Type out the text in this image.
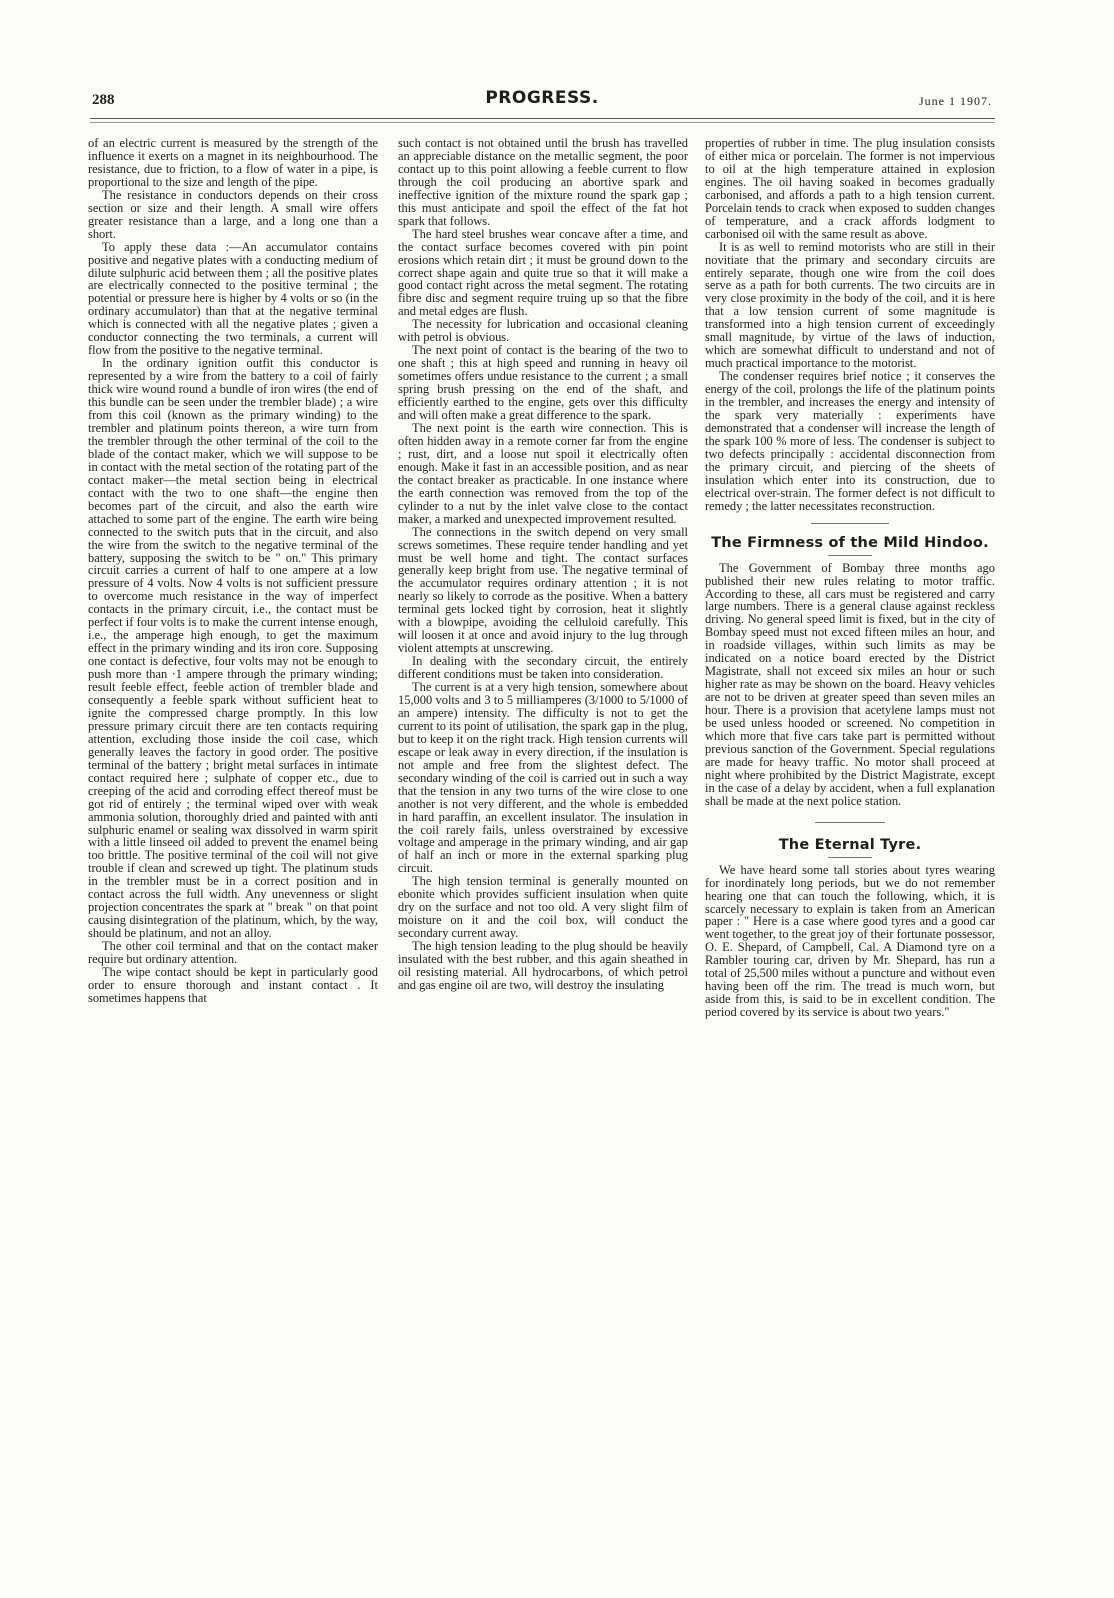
288	PROGRESS.	June 1 1907.

of an electric current is measured by the strength of the influence it exerts on a magnet in its neighbourhood. The resistance, due to friction, to a flow of water in a pipe, is proportional to the size and length of the pipe.

The resistance in conductors depends on their cross section or size and their length. A small wire offers greater resistance than a large, and a long one than a short.

To apply these data :—An accumulator contains positive and negative plates with a conducting medium of dilute sulphuric acid between them ; all the positive plates are electrically connected to the positive terminal ; the potential or pressure here is higher by 4 volts or so (in the ordinary accumulator) than that at the negative terminal which is connected with all the negative plates ; given a conductor connecting the two terminals, a current will flow from the positive to the negative terminal.

In the ordinary ignition outfit this conductor is represented by a wire from the battery to a coil of fairly thick wire wound round a bundle of iron wires (the end of this bundle can be seen under the trembler blade) ; a wire from this coil (known as the primary winding) to the trembler and platinum points thereon, a wire turn from the trembler through the other terminal of the coil to the blade of the contact maker, which we will suppose to be in contact with the metal section of the rotating part of the contact maker—the metal section being in electrical contact with the two to one shaft—the engine then becomes part of the circuit, and also the earth wire attached to some part of the engine. The earth wire being connected to the switch puts that in the circuit, and also the wire from the switch to the negative terminal of the battery, supposing the switch to be " on." This primary circuit carries a current of half to one ampere at a low pressure of 4 volts. Now 4 volts is not sufficient pressure to overcome much resistance in the way of imperfect contacts in the primary circuit, i.e., the contact must be perfect if four volts is to make the current intense enough, i.e., the amperage high enough, to get the maximum effect in the primary winding and its iron core. Supposing one contact is defective, four volts may not be enough to push more than ·1 ampere through the primary winding; result feeble effect, feeble action of trembler blade and consequently a feeble spark without sufficient heat to ignite the compressed charge promptly. In this low pressure primary circuit there are ten contacts requiring attention, excluding those inside the coil case, which generally leaves the factory in good order. The positive terminal of the battery ; bright metal surfaces in intimate contact required here ; sulphate of copper etc., due to creeping of the acid and corroding effect thereof must be got rid of entirely ; the terminal wiped over with weak ammonia solution, thoroughly dried and painted with anti sulphuric enamel or sealing wax dissolved in warm spirit with a little linseed oil added to prevent the enamel being too brittle. The positive terminal of the coil will not give trouble if clean and screwed up tight. The platinum studs in the trembler must be in a correct position and in contact across the full width. Any unevenness or slight projection concentrates the spark at " break " on that point causing disintegration of the platinum, which, by the way, should be platinum, and not an alloy.

The other coil terminal and that on the contact maker require but ordinary attention.

The wipe contact should be kept in particularly good order to ensure thorough and instant contact . It sometimes happens that

such contact is not obtained until the brush has travelled an appreciable distance on the metallic segment, the poor contact up to this point allowing a feeble current to flow through the coil producing an abortive spark and ineffective ignition of the mixture round the spark gap ; this must anticipate and spoil the effect of the fat hot spark that follows.

The hard steel brushes wear concave after a time, and the contact surface becomes covered with pin point erosions which retain dirt ; it must be ground down to the correct shape again and quite true so that it will make a good contact right across the metal segment. The rotating fibre disc and segment require truing up so that the fibre and metal edges are flush.

The necessity for lubrication and occasional cleaning with petrol is obvious.

The next point of contact is the bearing of the two to one shaft ; this at high speed and running in heavy oil sometimes offers undue resistance to the current ; a small spring brush pressing on the end of the shaft, and efficiently earthed to the engine, gets over this difficulty and will often make a great difference to the spark.

The next point is the earth wire connection. This is often hidden away in a remote corner far from the engine ; rust, dirt, and a loose nut spoil it electrically often enough. Make it fast in an accessible position, and as near the contact breaker as practicable. In one instance where the earth connection was removed from the top of the cylinder to a nut by the inlet valve close to the contact maker, a marked and unexpected improvement resulted.

The connections in the switch depend on very small screws sometimes. These require tender handling and yet must be well home and tight. The contact surfaces generally keep bright from use. The negative terminal of the accumulator requires ordinary attention ; it is not nearly so likely to corrode as the positive. When a battery terminal gets locked tight by corrosion, heat it slightly with a blowpipe, avoiding the celluloid carefully. This will loosen it at once and avoid injury to the lug through violent attempts at unscrewing.

In dealing with the secondary circuit, the entirely different conditions must be taken into consideration.

The current is at a very high tension, somewhere about 15,000 volts and 3 to 5 milliamperes (3/1000 to 5/1000 of an ampere) intensity. The difficulty is not to get the current to its point of utilisation, the spark gap in the plug, but to keep it on the right track. High tension currents will escape or leak away in every direction, if the insulation is not ample and free from the slightest defect. The secondary winding of the coil is carried out in such a way that the tension in any two turns of the wire close to one another is not very different, and the whole is embedded in hard paraffin, an excellent insulator. The insulation in the coil rarely fails, unless overstrained by excessive voltage and amperage in the primary winding, and air gap of half an inch or more in the external sparking plug circuit.

The high tension terminal is generally mounted on ebonite which provides sufficient insulation when quite dry on the surface and not too old. A very slight film of moisture on it and the coil box, will conduct the secondary current away.

The high tension leading to the plug should be heavily insulated with the best rubber, and this again sheathed in oil resisting material. All hydrocarbons, of which petrol and gas engine oil are two, will destroy the insulating

properties of rubber in time. The plug insulation consists of either mica or porcelain. The former is not impervious to oil at the high temperature attained in explosion engines. The oil having soaked in becomes gradually carbonised, and affords a path to a high tension current. Porcelain tends to crack when exposed to sudden changes of temperature, and a crack affords lodgment to carbonised oil with the same result as above.

It is as well to remind motorists who are still in their novitiate that the primary and secondary circuits are entirely separate, though one wire from the coil does serve as a path for both currents. The two circuits are in very close proximity in the body of the coil, and it is here that a low tension current of some magnitude is transformed into a high tension current of exceedingly small magnitude, by virtue of the laws of induction, which are somewhat difficult to understand and not of much practical importance to the motorist.

The condenser requires brief notice ; it conserves the energy of the coil, prolongs the life of the platinum points in the trembler, and increases the energy and intensity of the spark very materially : experiments have demonstrated that a condenser will increase the length of the spark 100 % more of less. The condenser is subject to two defects principally : accidental disconnection from the primary circuit, and piercing of the sheets of insulation which enter into its construction, due to electrical over-strain. The former defect is not difficult to remedy ; the latter necessitates reconstruction.

The Firmness of the Mild Hindoo.

The Government of Bombay three months ago published their new rules relating to motor traffic. According to these, all cars must be registered and carry large numbers. There is a general clause against reckless driving. No general speed limit is fixed, but in the city of Bombay speed must not exced fifteen miles an hour, and in roadside villages, within such limits as may be indicated on a notice board erected by the District Magistrate, shall not exceed six miles an hour or such higher rate as may be shown on the board. Heavy vehicles are not to be driven at greater speed than seven miles an hour. There is a provision that acetylene lamps must not be used unless hooded or screened. No competition in which more that five cars take part is permitted without previous sanction of the Government. Special regulations are made for heavy traffic. No motor shall proceed at night where prohibited by the District Magistrate, except in the case of a delay by accident, when a full explanation shall be made at the next police station.

The Eternal Tyre.

We have heard some tall stories about tyres wearing for inordinately long periods, but we do not remember hearing one that can touch the following, which, it is scarcely necessary to explain is taken from an American paper : " Here is a case where good tyres and a good car went together, to the great joy of their fortunate possessor, O. E. Shepard, of Campbell, Cal. A Diamond tyre on a Rambler touring car, driven by Mr. Shepard, has run a total of 25,500 miles without a puncture and without even having been off the rim. The tread is much worn, but aside from this, is said to be in excellent condition. The period covered by its service is about two years."
